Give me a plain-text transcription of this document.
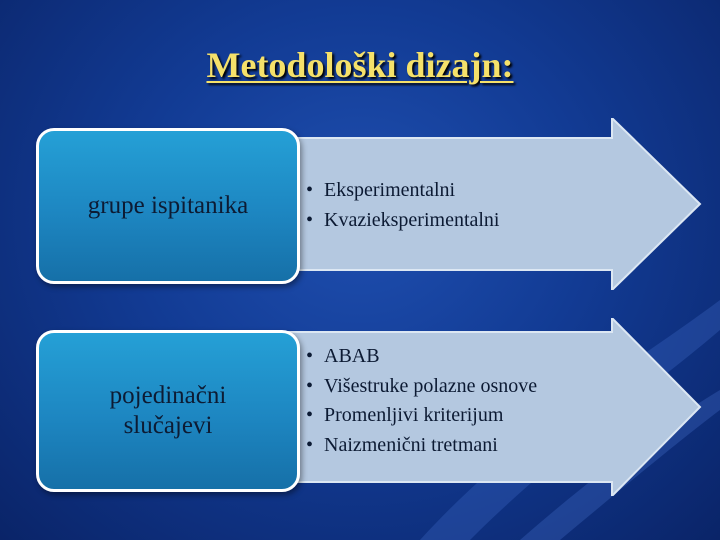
Metodološki dizajn:
grupe ispitanika
• Eksperimentalni
• Kvazieksperimentalni
pojedinačni
slučajevi
• ABAB
• Višestruke polazne osnove
• Promenljivi kriterijum
• Naizmenični tretmani
